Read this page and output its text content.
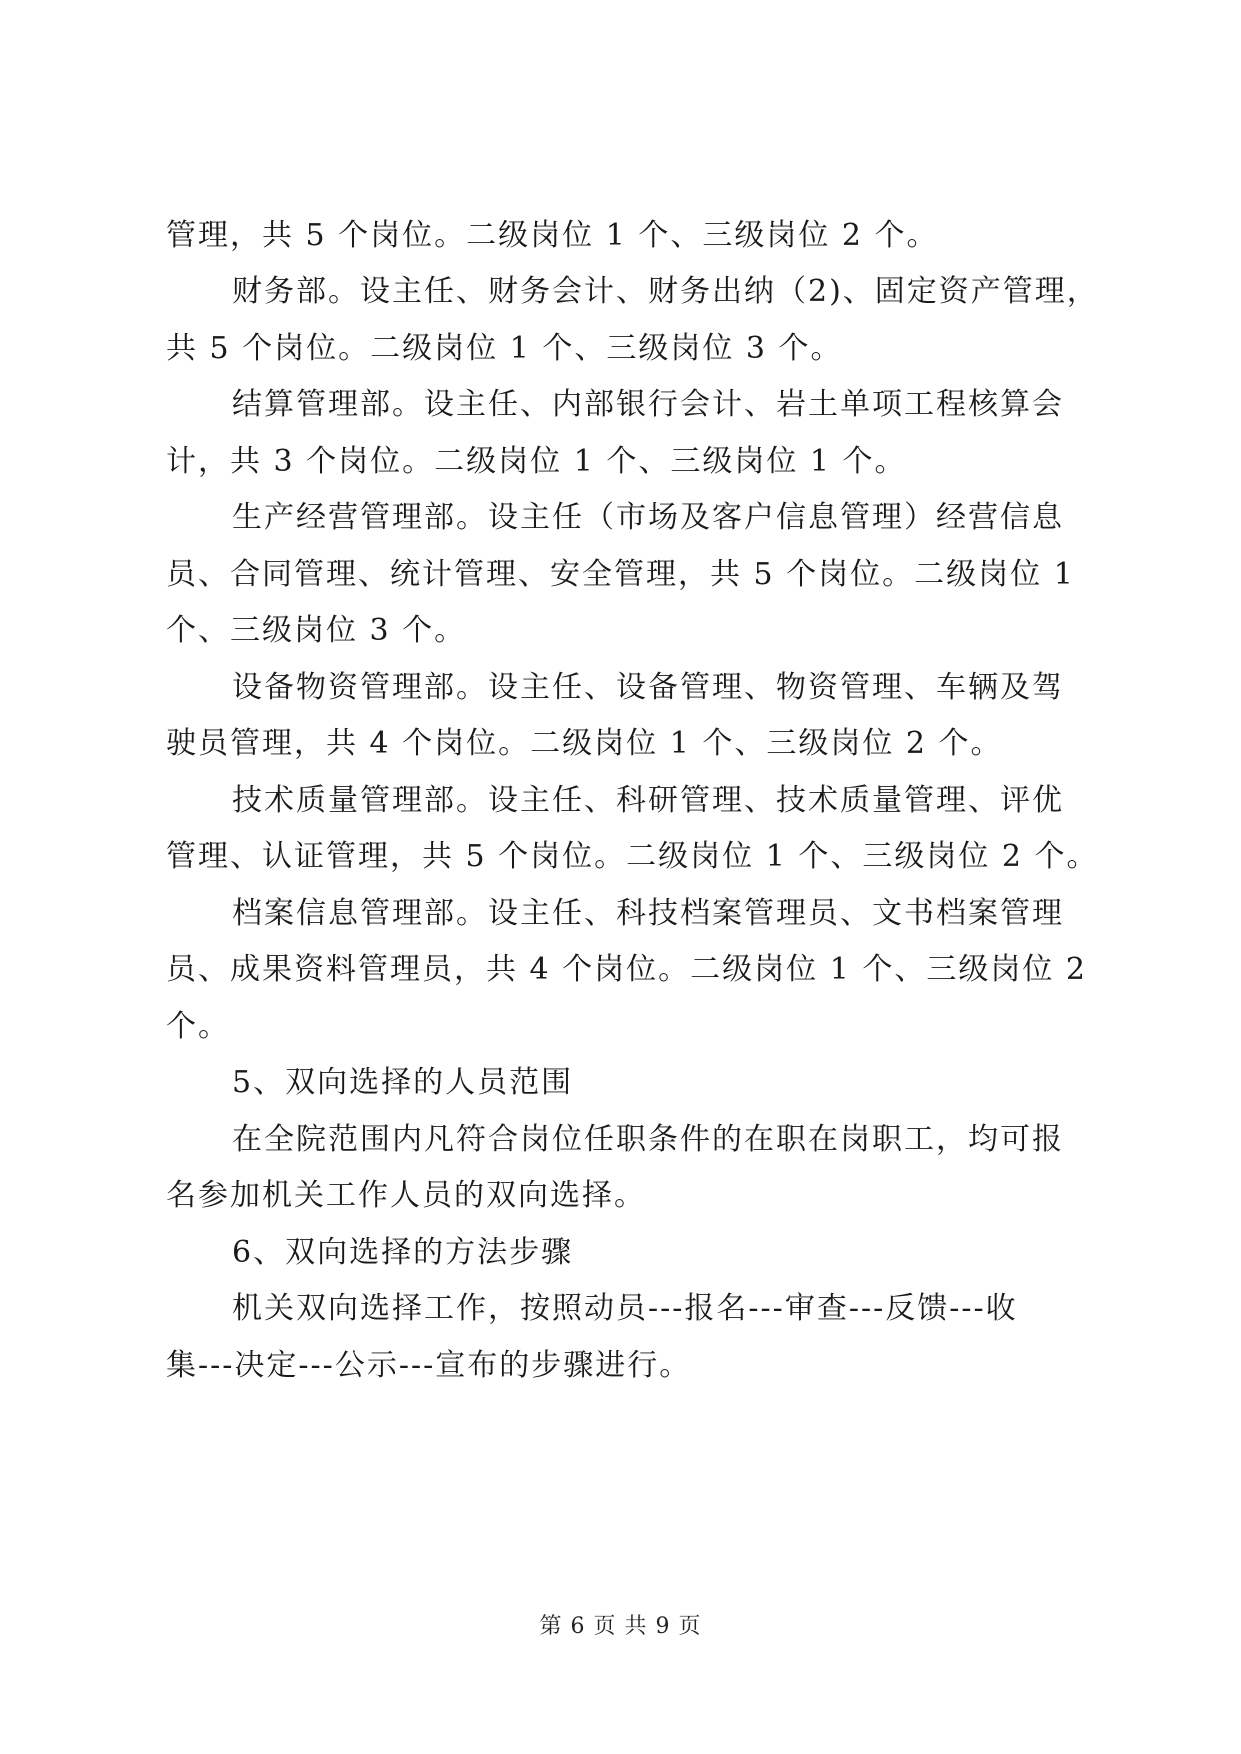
管理，共 5 个岗位。二级岗位 1 个、三级岗位 2 个。
财务部。设主任、财务会计、财务出纳（2)、固定资产管理，
共 5 个岗位。二级岗位 1 个、三级岗位 3 个。
结算管理部。设主任、内部银行会计、岩土单项工程核算会
计，共 3 个岗位。二级岗位 1 个、三级岗位 1 个。
生产经营管理部。设主任（市场及客户信息管理）经营信息
员、合同管理、统计管理、安全管理，共 5 个岗位。二级岗位 1
个、三级岗位 3 个。
设备物资管理部。设主任、设备管理、物资管理、车辆及驾
驶员管理，共 4 个岗位。二级岗位 1 个、三级岗位 2 个。
技术质量管理部。设主任、科研管理、技术质量管理、评优
管理、认证管理，共 5 个岗位。二级岗位 1 个、三级岗位 2 个。
档案信息管理部。设主任、科技档案管理员、文书档案管理
员、成果资料管理员，共 4 个岗位。二级岗位 1 个、三级岗位 2
个。
5、双向选择的人员范围
在全院范围内凡符合岗位任职条件的在职在岗职工，均可报
名参加机关工作人员的双向选择。
6、双向选择的方法步骤
机关双向选择工作，按照动员---报名---审查---反馈---收
集---决定---公示---宣布的步骤进行。
第 6 页 共 9 页
